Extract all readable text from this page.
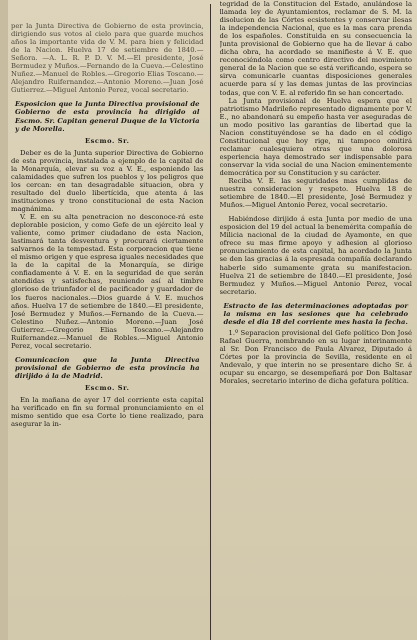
per la Junta Directiva de Gobierno de esta provincia, dirigiendo sus votos al cielo para que guarde muchos años la importante vida de V. M. para bien y felicidad de la Nacion. Huelva 17 de setiembre de 1840.—Señora. —A. L. R. P. D. V. M.—El presidente, José Bermudez y Muños.—Fernando de la Cueva.—Celestino Nuñez.—Manuel de Robles.—Gregorio Elias Toscano.—Alejandro Ruifernandez.—Antonio Moreno.—Juan José Gutierrez.—Miguel Antonio Perez, vocal secretario.

Esposicion que la Junta Directiva provisional de Gobierno de esta provincia ha dirigido al Escmo. Sr. Capitan general Duque de la Victoria y de Morella.
Escmo. Sr.

Deber es de la Junta superior Directiva de Gobierno de esta provincia, instalada a ejemplo de la capital de la Monarquía, elevar su voz a V. E., esponiendo las calamidades que sufren los pueblos y los peligros que los cercan: en tan desagradable situacion, obra y resultado del duelo libertícida, que atenta á las instituciones y trono constitucional de esta Nacion magnánima.

V. E. en su alta penetracion no desconoce-rá este deplorable posicion, y como Gefe de un ejército leal y valiente, como primer ciudadano de esta Nacion, lastimará tanta desventura y procurará ciertamente salvarnos de la tempestad. Esta corporacion que tiene el mismo origen y que espresa iguales necesidades que la de la capital de la Monarquía, se dirige confiadamente á V. E. en la seguridad de que serán atendidas y satisfechas, reuniendo así al timbre glorioso de triunfador el de pacificador y guardador de los fueros nacionales.—Dios guarde á V. E. muchos años. Huelva 17 de setiembre de 1840.—El presidente, José Bermudez y Muños.—Fernando de la Cueva.—Celestino Nuñez.—Antonio Moreno.—Juan José Gutierrez.—Gregorio Elias Toscano.—Alejandro Ruifernandez.—Manuel de Robles.—Miguel Antonio Perez, vocal secretario.

Comunicacion que la Junta Directiva provisional de Gobierno de esta provincia ha dirijido á la de Madrid.
Escmo. Sr.

En la mañana de ayer 17 del corriente esta capital ha verificado en fin su formal pronunciamiento en el mismo sentido que esa Corte lo tiene realizado, para asegurar la in-

tegridad de la Constitucion del Estado, anulándose la llamada ley de Ayuntamientos, reclamar de S. M. la disolucion de las Córtes ecsistentes y conservar ilesas la independencia Nacional, que es la mas cara prenda de los españoles. Constituida en su consecuencia la Junta provisional de Gobierno que ha de llevar á cabo dicha obra, ha acordado se manifieste á V. E. que reconociéndola como centro directivo del movimiento general de la Nacion que se está verificando, espera se sirva comunicarle cuantas disposiciones generales acuerde para sí y las demas juntas de las provincias todas, que con V. E. al referido fin se han concertado.

La Junta provisional de Huelva espera que el patriotismo Madrileño representado dignamente por V. E., no abandonará su empeño hasta ver aseguradas de un modo positivo las garantías de libertad que la Nacion constituyéndose se ha dado en el código Constitucional que hoy rige, ni tampoco omitirá reclamar cualesquiera otras que una dolorosa esperiencia haya demostrado ser indispensable para conservar la vida social de una Nacion eminentemente democrática por su Constitucion y su carácter.

Reciba V. E. las seguridades mas cumplidas de nuestra consideracion y respeto. Huelva 18 de setiembre de 1840.—El presidente, José Bermudez y Muños.—Miguel Antonio Perez, vocal secretario.

Habiéndose dirijido á esta Junta por medio de una esposicion del 19 del actual la benemérita compañía de Milicia nacional de la ciudad de Ayamonte, en que ofrece su mas firme apoyo y adhesion al glorioso pronunciamiento de esta capital, ha acordado la Junta se den las gracias á la espresada compañía declarando haberle sido sumamente grata su manifestacion. Huelva 21 de setiembre de 1840.—El presidente, José Bermudez y Muños.—Miguel Antonio Perez, vocal secretario.

Estracto de las determinaciones adoptadas por la misma en las sesiones que ha celebrado desde el dia 18 del corriente mes hasta la fecha.

1.º Separacion provisional del Gefe político Don José Rafael Guerra, nombrando en su lugar interinamente al Sr. Don Francisco de Paula Alvarez, Diputado á Córtes por la provincia de Sevilla, residente en el Andevalo, y que interin no se presentare dicho Sr. á ocupar su encargo, se desempeñará por Don Baltasar Morales, secretario interino de dicha gefatura política.
